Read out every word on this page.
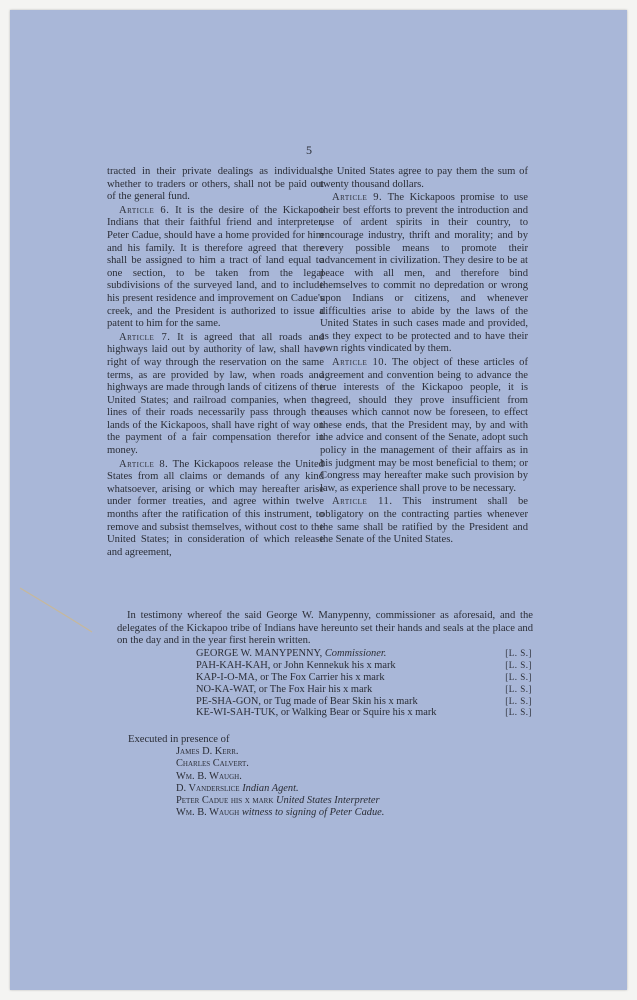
5

tracted in their private dealings as individuals, whether to traders or others, shall not be paid out of the general fund.

Article 6. It is the desire of the Kickapoo Indians that their faithful friend and interpreter, Peter Cadue, should have a home provided for him and his family. It is therefore agreed that there shall be assigned to him a tract of land equal to one section, to be taken from the legal subdivisions of the surveyed land, and to include his present residence and improvement on Cadue's creek, and the President is authorized to issue a patent to him for the same.

Article 7. It is agreed that all roads and highways laid out by authority of law, shall have right of way through the reservation on the same terms, as are provided by law, when roads and highways are made through lands of citizens of the United States; and railroad companies, when the lines of their roads necessarily pass through the lands of the Kickapoos, shall have right of way on the payment of a fair compensation therefor in money.

Article 8. The Kickapoos release the United States from all claims or demands of any kind whatsoever, arising or which may hereafter arise under former treaties, and agree within twelve months after the ratification of this instrument, to remove and subsist themselves, without cost to the United States; in consideration of which release and agreement,

the United States agree to pay them the sum of twenty thousand dollars.

Article 9. The Kickapoos promise to use their best efforts to prevent the introduction and use of ardent spirits in their country, to encourage industry, thrift and morality; and by every possible means to promote their advancement in civilization. They desire to be at peace with all men, and therefore bind themselves to commit no depredation or wrong upon Indians or citizens, and whenever difficulties arise to abide by the laws of the United States in such cases made and provided, as they expect to be protected and to have their own rights vindicated by them.

Article 10. The object of these articles of agreement and convention being to advance the true interests of the Kickapoo people, it is agreed, should they prove insufficient from causes which cannot now be foreseen, to effect these ends, that the President may, by and with the advice and consent of the Senate, adopt such policy in the management of their affairs as in his judgment may be most beneficial to them; or Congress may hereafter make such provision by law, as experience shall prove to be necessary.

Article 11. This instrument shall be obligatory on the contracting parties whenever the same shall be ratified by the President and the Senate of the United States.

In testimony whereof the said George W. Manypenny, commissioner as aforesaid, and the delegates of the Kickapoo tribe of Indians have hereunto set their hands and seals at the place and on the day and in the year first herein written.

GEORGE W. MANYPENNY, Commissioner.	[L. S.]
PAH-KAH-KAH, or John Kennekuk his x mark	[L. S.]
KAP-I-O-MA, or The Fox Carrier his x mark	[L. S.]
NO-KA-WAT, or The Fox Hair his x mark	[L. S.]
PE-SHA-GON, or Tug made of Bear Skin his x mark	[L. S.]
KE-WI-SAH-TUK, or Walking Bear or Squire his x mark	[L. S.]
Executed in presence of
James D. Kerr.
Charles Calvert.
Wm. B. Waugh.
D. Vanderslice Indian Agent.
Peter Cadue his x mark United States Interpreter
Wm. B. Waugh witness to signing of Peter Cadue.
